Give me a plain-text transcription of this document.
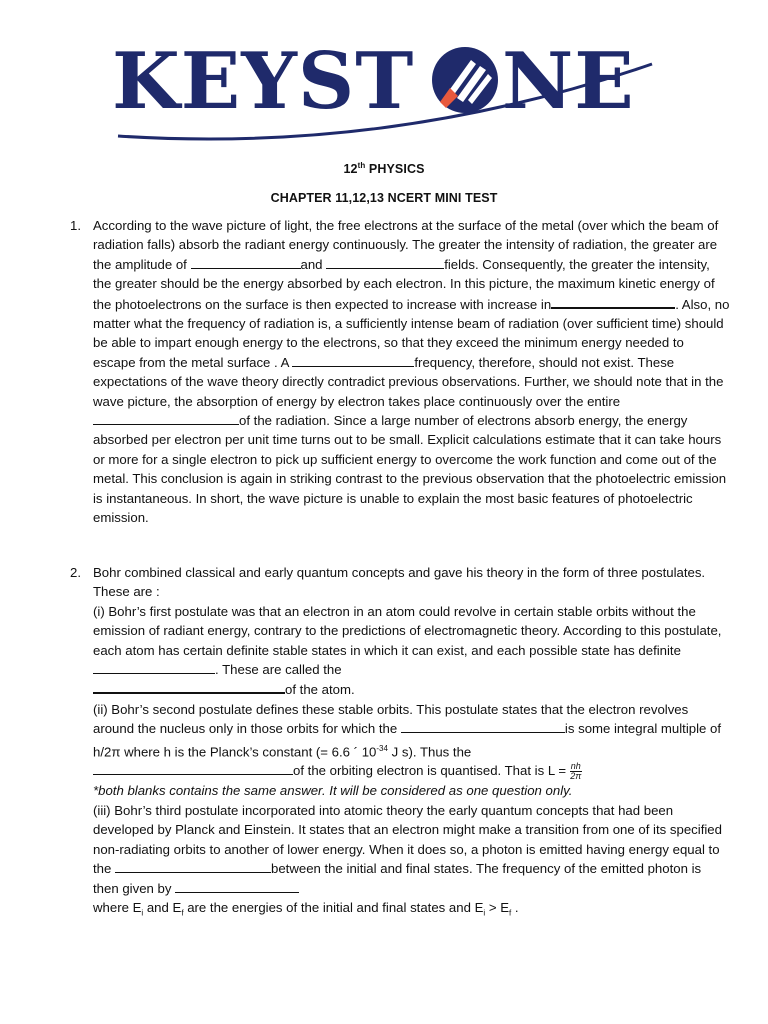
KEYST NE
12th PHYSICS
CHAPTER 11,12,13 NCERT MINI TEST
1. According to the wave picture of light, the free electrons at the surface of the metal (over which the beam of radiation falls) absorb the radiant energy continuously. The greater the intensity of radiation, the greater are the amplitude of	and	fields. Consequently, the greater the intensity, the greater should be the energy absorbed by each electron. In this picture, the maximum kinetic energy of the photoelectrons on the surface is then expected to increase with increase in	. Also, no matter what the frequency of radiation is, a sufficiently intense beam of radiation (over sufficient time) should be able to impart enough energy to the electrons, so that they exceed the minimum energy needed to escape from the metal surface . A	frequency, therefore, should not exist. These expectations of the wave theory directly contradict previous observations. Further, we should note that in the wave picture, the absorption of energy by electron takes place continuously over the entire of the radiation. Since a large number of electrons absorb energy, the energy absorbed per electron per unit time turns out to be small. Explicit calculations estimate that it can take hours or more for a single electron to pick up sufficient energy to overcome the work function and come out of the metal. This conclusion is again in striking contrast to the previous observation that the photoelectric emission is instantaneous. In short, the wave picture is unable to explain the most basic features of photoelectric emission.
2. Bohr combined classical and early quantum concepts and gave his theory in the form of three postulates. These are :
(i) Bohr’s first postulate was that an electron in an atom could revolve in certain stable orbits without the emission of radiant energy, contrary to the predictions of electromagnetic theory. According to this postulate, each atom has certain definite stable states in which it can exist, and each possible state has definite. These are called the
of the atom.
(ii) Bohr’s second postulate defines these stable orbits. This postulate states that the electron revolves around the nucleus only in those orbits for which the	is some integral multiple of h/2π where h is the Planck’s constant (= 6.6 ´ $10^{-34}$ J s). Thus the
of the orbiting electron is quantised. That is $L = \frac{nh}{2\pi}$
*both blanks contains the same answer. It will be considered as one question only.
(iii) Bohr’s third postulate incorporated into atomic theory the early quantum concepts that had been developed by Planck and Einstein. It states that an electron might make a transition from one of its specified non-radiating orbits to another of lower energy. When it does so, a photon is emitted having energy equal to the	between the initial and final states. The frequency of the emitted photon is then given by
where $E_i$ and $E_f$ are the energies of the initial and final states and $E_i > E_f$ .
